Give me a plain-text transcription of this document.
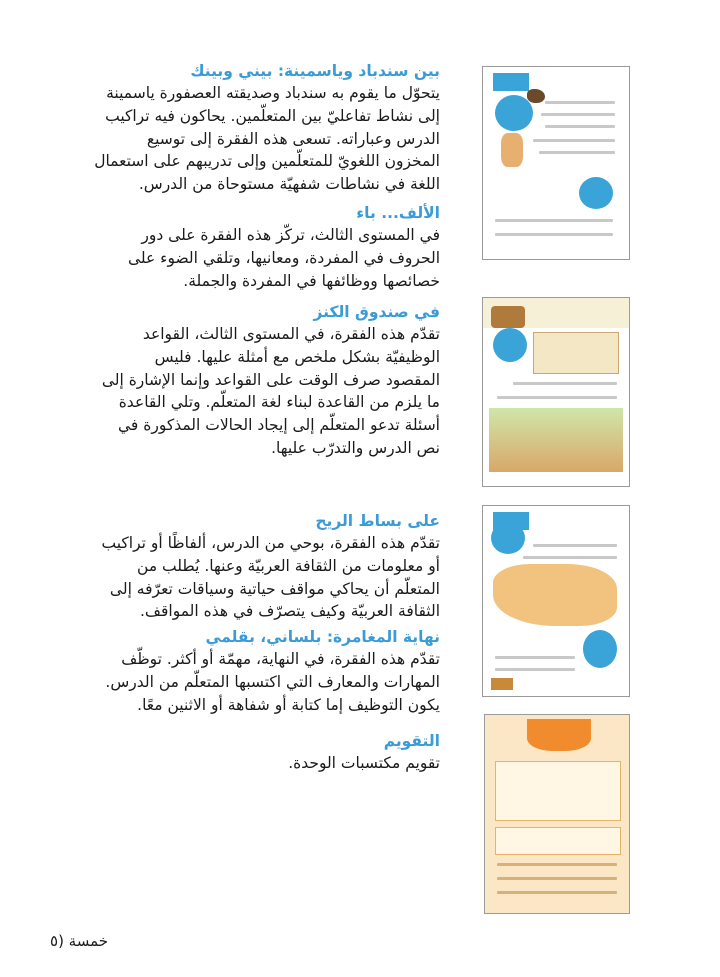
بين سندباد وياسمينة: بيني وبينك

يتحوّل ما يقوم به سندباد وصديقته العصفورة ياسمينة

إلى نشاط تفاعليّ بين المتعلّمين. يحاكون فيه تراكيب

الدرس وعباراته. تسعى هذه الفقرة إلى توسيع

المخزون اللغويّ للمتعلّمين وإلى تدريبهم على استعمال

اللغة في نشاطات شفهيّة مستوحاة من الدرس.

الألف... باء

في المستوى الثالث، تركّز هذه الفقرة على دور

الحروف في المفردة، ومعانيها، وتلقي الضوء على

خصائصها ووظائفها في المفردة والجملة.

في صندوق الكنز

تقدّم هذه الفقرة، في المستوى الثالث، القواعد

الوظيفيّة بشكل ملخص مع أمثلة عليها. فليس

المقصود صرف الوقت على القواعد وإنما الإشارة إلى

ما يلزم من القاعدة لبناء لغة المتعلّم. وتلي القاعدة

أسئلة تدعو المتعلّم إلى إيجاد الحالات المذكورة في

نص الدرس والتدرّب عليها.

على بساط الريح

تقدّم هذه الفقرة، بوحي من الدرس، ألفاظًا أو تراكيب

أو معلومات من الثقافة العربيّة وعنها. يُطلب من

المتعلّم أن يحاكي مواقف حياتية وسياقات تعرّفه إلى

الثقافة العربيّة وكيف يتصرّف في هذه المواقف.

نهاية المغامرة: بلساني، بقلمي

تقدّم هذه الفقرة، في النهاية، مهمّة أو أكثر. توظّف

المهارات والمعارف التي اكتسبها المتعلّم من الدرس.

يكون التوظيف إما كتابة أو شفاهة أو الاثنين معًا.

التقويم

تقويم مكتسبات الوحدة.

خمسة (٥
